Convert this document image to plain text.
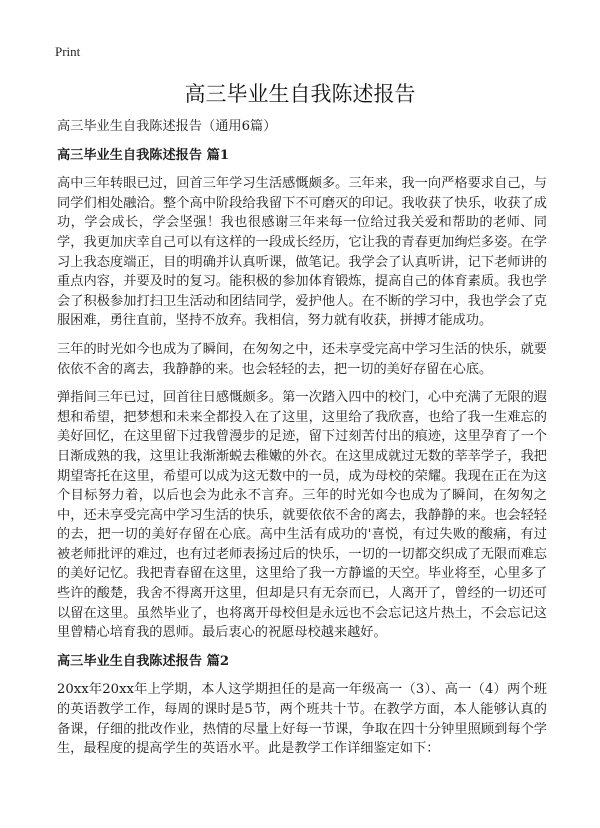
Print
高三毕业生自我陈述报告

高三毕业生自我陈述报告（通用6篇）

高三毕业生自我陈述报告 篇1

高中三年转眼已过，回首三年学习生活感慨颇多。三年来，我一向严格要求自己，与同学们相处融洽。整个高中阶段给我留下不可磨灭的印记。我收获了快乐，收获了成功，学会成长，学会坚强！我也很感谢三年来每一位给过我关爱和帮助的老师、同学，我更加庆幸自己可以有这样的一段成长经历，它让我的青春更加绚烂多姿。在学习上我态度端正，目的明确并认真听课，做笔记。我学会了认真听讲，记下老师讲的重点内容，并要及时的复习。能积极的参加体育锻炼，提高自己的体育素质。我也学会了积极参加打扫卫生活动和团结同学，爱护他人。在不断的学习中，我也学会了克服困难，勇往直前，坚持不放弃。我相信，努力就有收获，拼搏才能成功。

三年的时光如今也成为了瞬间，在匆匆之中，还未享受完高中学习生活的快乐，就要依依不舍的离去，我静静的来。也会轻轻的去，把一切的美好存留在心底。

弹指间三年已过，回首往日感慨颇多。第一次踏入四中的校门，心中充满了无限的遐想和希望，把梦想和未来全都投入在了这里，这里给了我欣喜，也给了我一生难忘的美好回忆，在这里留下过我曾漫步的足迹，留下过刻苦付出的痕迹，这里孕育了一个日渐成熟的我，这里让我渐渐蜕去稚嫩的外衣。在这里成就过无数的莘莘学子，我把期望寄托在这里，希望可以成为这无数中的一员，成为母校的荣耀。我现在正在为这个目标努力着，以后也会为此永不言弃。三年的时光如今也成为了瞬间，在匆匆之中，还未享受完高中学习生活的快乐，就要依依不舍的离去，我静静的来。也会轻轻的去，把一切的美好存留在心底。高中生活有成功的'喜悦，有过失败的酸痛，有过被老师批评的难过，也有过老师表扬过后的快乐，一切的一切都交织成了无限而难忘的美好记忆。我把青春留在这里，这里给了我一方静谧的天空。毕业将至，心里多了些许的酸楚，我舍不得离开这里，但却是只有无奈而已，人离开了，曾经的一切还可以留在这里。虽然毕业了，也将离开母校但是永远也不会忘记这片热土，不会忘记这里曾精心培育我的恩师。最后衷心的祝愿母校越来越好。

高三毕业生自我陈述报告 篇2

20xx年20xx年上学期，本人这学期担任的是高一年级高一（3）、高一（4）两个班的英语教学工作，每周的课时是5节，两个班共十节。在教学方面，本人能够认真的备课，仔细的批改作业，热情的尽量上好每一节课，争取在四十分钟里照顾到每个学生，最程度的提高学生的英语水平。此是教学工作详细鉴定如下：
